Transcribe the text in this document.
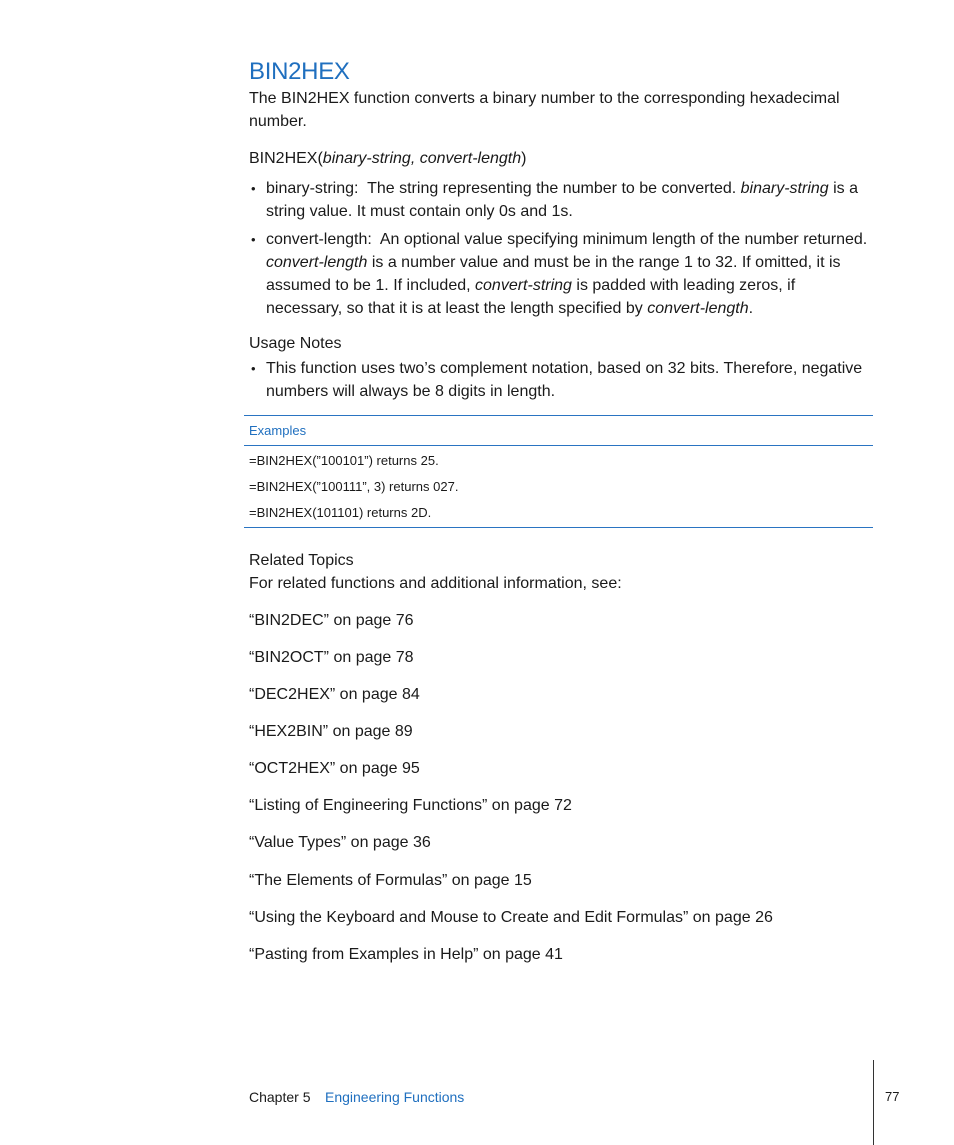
BIN2HEX

The BIN2HEX function converts a binary number to the corresponding hexadecimal number.

BIN2HEX(binary-string, convert-length)

• binary-string: The string representing the number to be converted. binary-string is a string value. It must contain only 0s and 1s.
• convert-length: An optional value specifying minimum length of the number returned. convert-length is a number value and must be in the range 1 to 32. If omitted, it is assumed to be 1. If included, convert-string is padded with leading zeros, if necessary, so that it is at least the length specified by convert-length.

Usage Notes

• This function uses two’s complement notation, based on 32 bits. Therefore, negative numbers will always be 8 digits in length.
Examples
=BIN2HEX(”100101”) returns 25.
=BIN2HEX(”100111”, 3) returns 027.
=BIN2HEX(101101) returns 2D.

Related Topics

For related functions and additional information, see:

“BIN2DEC” on page 76

“BIN2OCT” on page 78

“DEC2HEX” on page 84

“HEX2BIN” on page 89

“OCT2HEX” on page 95

“Listing of Engineering Functions” on page 72

“Value Types” on page 36

“The Elements of Formulas” on page 15

“Using the Keyboard and Mouse to Create and Edit Formulas” on page 26

“Pasting from Examples in Help” on page 41

Chapter 5 Engineering Functions	77
